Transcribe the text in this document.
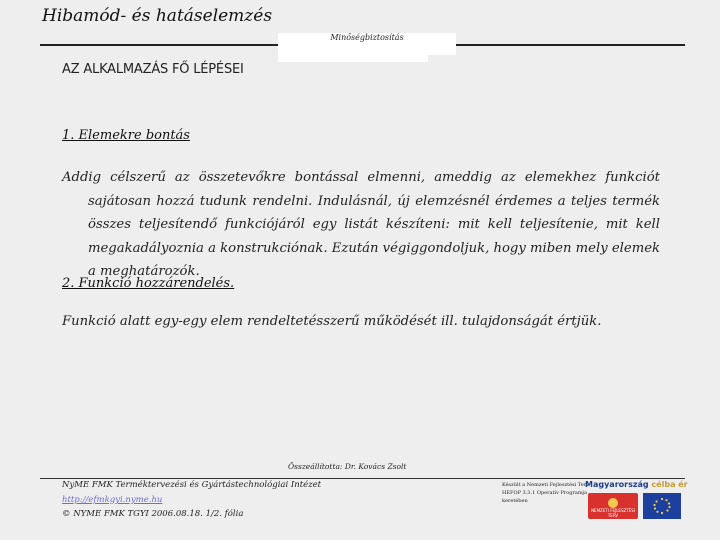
Hibamód- és hatáselemzés
Minőségbiztosítás
AZ ALKALMAZÁS FŐ LÉPÉSEI
1. Elemekre bontás

Addig célszerű az összetevőkre bontással elmenni, ameddig az elemekhez funkciót sajátosan hozzá tudunk rendelni. Indulásnál, új elemzésnél érdemes a teljes termék összes teljesítendő funkciójáról egy listát készíteni: mit kell teljesítenie, mit kell megakadályoznia a konstrukciónak. Ezután végiggondoljuk, hogy miben mely elemek a meghatározók.

2. Funkció hozzárendelés.

Funkció alatt egy-egy elem rendeltetésszerű működését ill. tulajdonságát értjük.

Összeállította: Dr. Kovács Zsolt
NyME FMK Terméktervezési és Gyártástechnológiai Intézet
http://efmkgyi.nyme.hu
© NYME FMK TGYI 2006.08.18. 1/2. fólia
Készült a Nemzeti Fejlesztési Terv HEFOP 3.3.1 Operatív Programja keretében
Magyarország célba ér
NEMZETI FEJLESZTÉSI TERV
